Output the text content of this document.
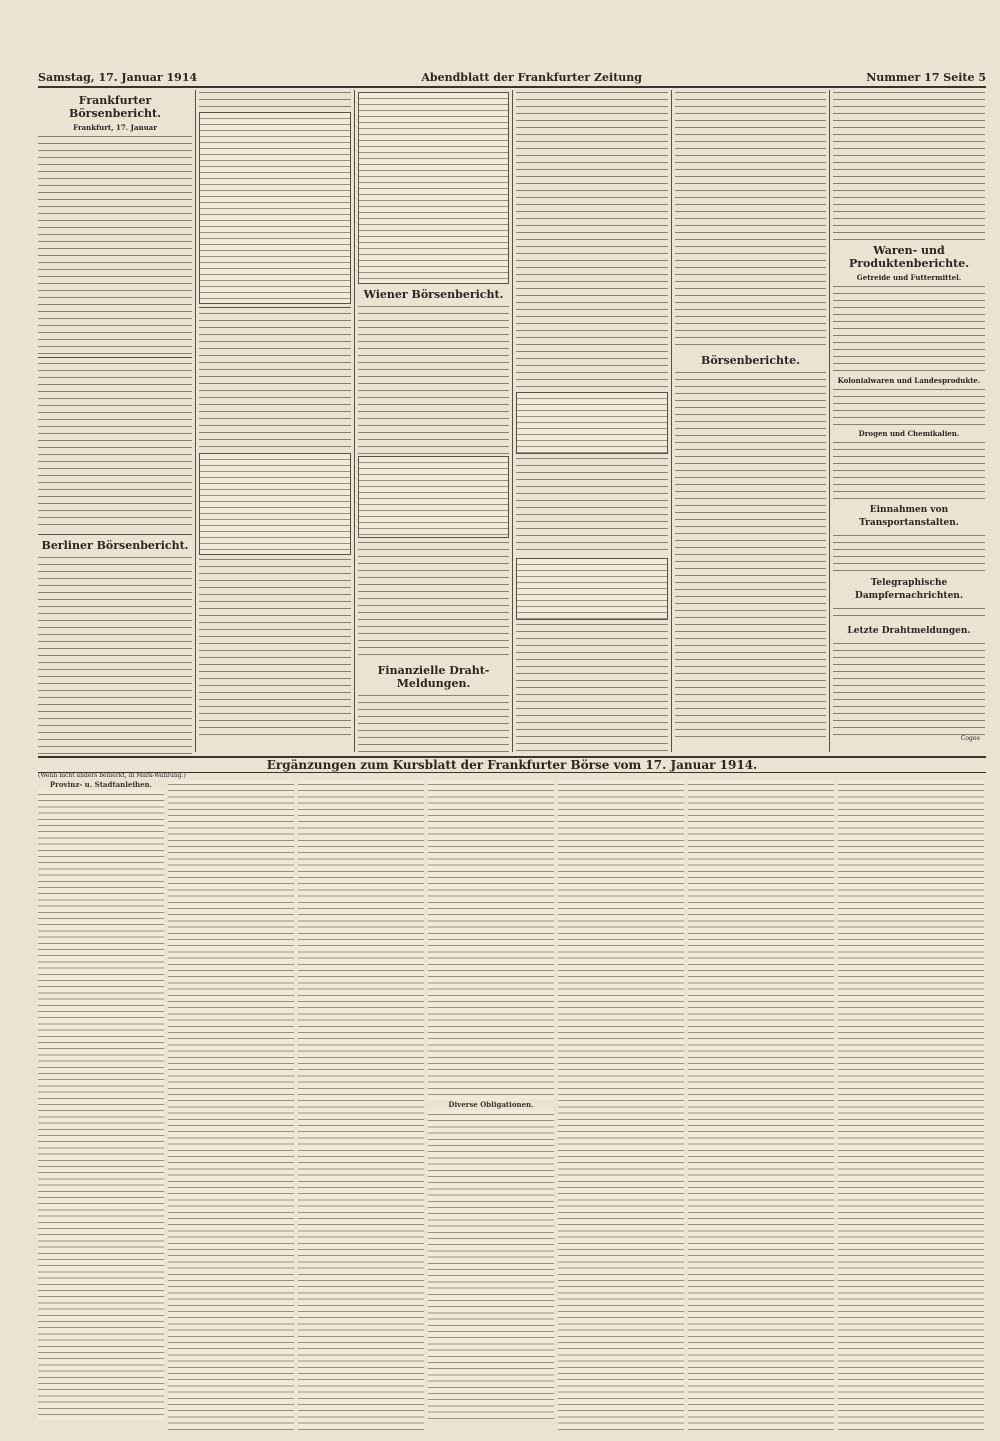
Samstag, 17. Januar 1914	Abendblatt der Frankfurter Zeitung	Nummer 17 Seite 5
Frankfurter Börsenbericht.
Frankfurt, 17. Januar
Berliner Börsenbericht.
Wiener Börsenbericht.
Finanzielle Draht-Meldungen.
Börsenberichte.
Waren- und Produktenberichte.
Getreide und Futtermittel.
Kolonialwaren und Landesprodukte.
Drogen und Chemikalien.
Einnahmen von Transportanstalten.
Telegraphische Dampfernachrichten.
Letzte Drahtmeldungen.
Cogee
Ergänzungen zum Kursblatt der Frankfurter Börse vom 17. Januar 1914.
(Wenn nicht anders bemerkt, in Mark-Währung.)
Provinz- u. Stadtanleihen.
Diverse Obligationen.
